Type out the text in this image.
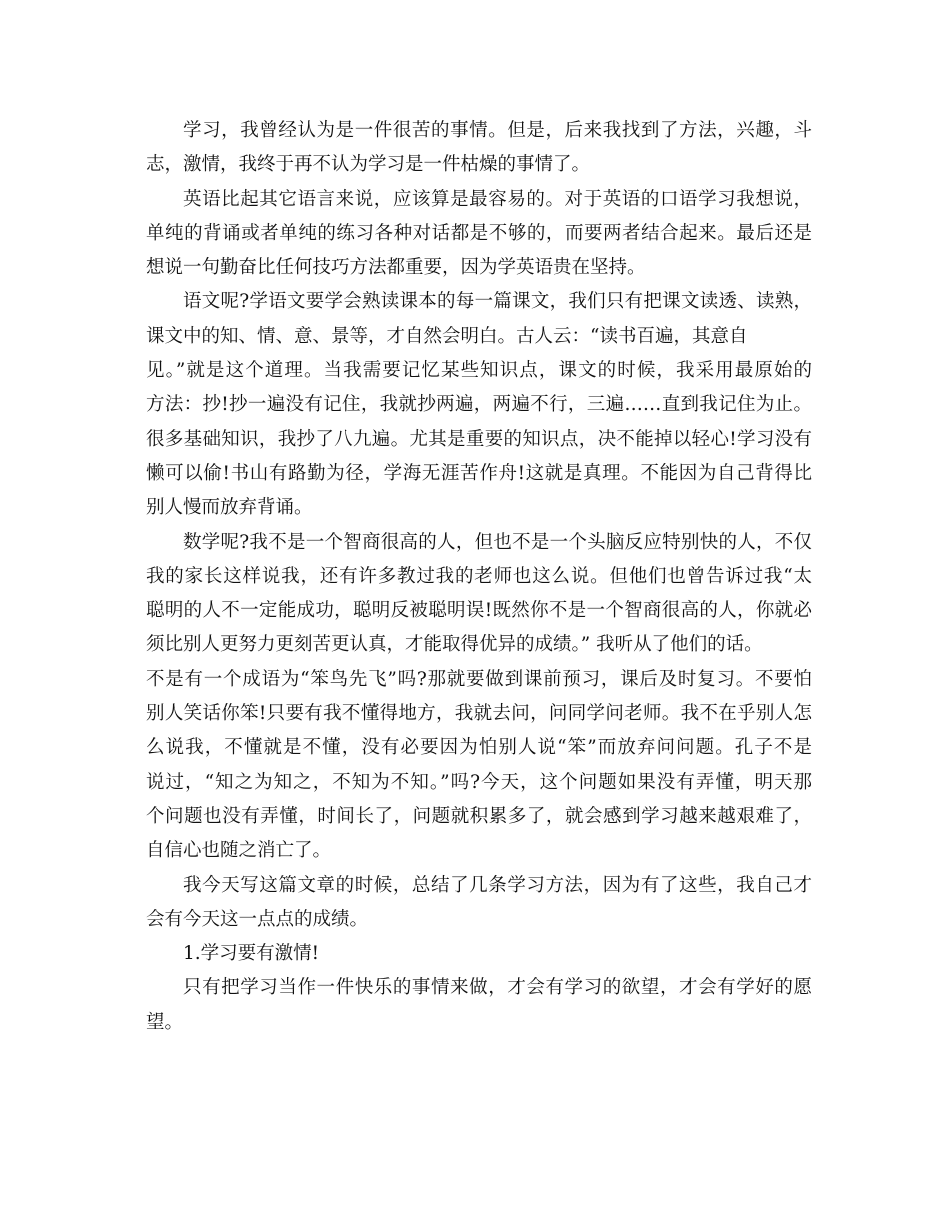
学习，我曾经认为是一件很苦的事情。但是，后来我找到了方法，兴趣，斗
志，激情，我终于再不认为学习是一件枯燥的事情了。
英语比起其它语言来说，应该算是最容易的。对于英语的口语学习我想说，
单纯的背诵或者单纯的练习各种对话都是不够的，而要两者结合起来。最后还是
想说一句勤奋比任何技巧方法都重要，因为学英语贵在坚持。
语文呢?学语文要学会熟读课本的每一篇课文，我们只有把课文读透、读熟，
课文中的知、情、意、景等，才自然会明白。古人云：“读书百遍，其意自
见。”就是这个道理。当我需要记忆某些知识点，课文的时候，我采用最原始的
方法：抄!抄一遍没有记住，我就抄两遍，两遍不行，三遍……直到我记住为止。
很多基础知识，我抄了八九遍。尤其是重要的知识点，决不能掉以轻心!学习没有
懒可以偷!书山有路勤为径，学海无涯苦作舟!这就是真理。不能因为自己背得比
别人慢而放弃背诵。
数学呢?我不是一个智商很高的人，但也不是一个头脑反应特别快的人，不仅
我的家长这样说我，还有许多教过我的老师也这么说。但他们也曾告诉过我“太
聪明的人不一定能成功，聪明反被聪明误!既然你不是一个智商很高的人，你就必
须比别人更努力更刻苦更认真，才能取得优异的成绩。” 我听从了他们的话。
不是有一个成语为“笨鸟先飞”吗?那就要做到课前预习，课后及时复习。不要怕
别人笑话你笨!只要有我不懂得地方，我就去问，问同学问老师。我不在乎别人怎
么说我，不懂就是不懂，没有必要因为怕别人说“笨”而放弃问问题。孔子不是
说过，“知之为知之，不知为不知。”吗?今天，这个问题如果没有弄懂，明天那
个问题也没有弄懂，时间长了，问题就积累多了，就会感到学习越来越艰难了，
自信心也随之消亡了。
我今天写这篇文章的时候，总结了几条学习方法，因为有了这些，我自己才
会有今天这一点点的成绩。
1.学习要有激情!
只有把学习当作一件快乐的事情来做，才会有学习的欲望，才会有学好的愿
望。
